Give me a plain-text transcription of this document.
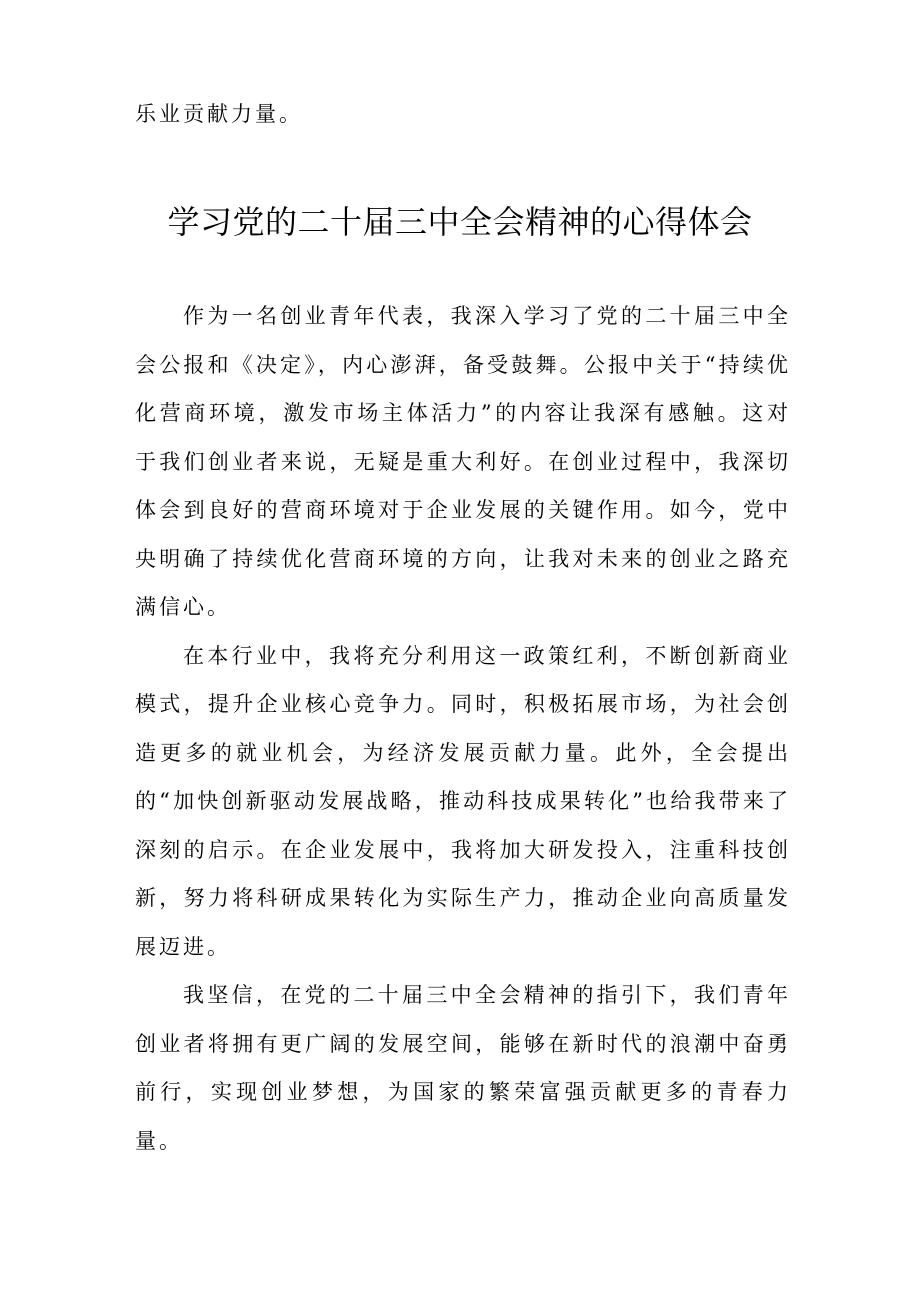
乐业贡献力量。
学习党的二十届三中全会精神的心得体会

作为一名创业青年代表，我深入学习了党的二十届三中全会公报和《决定》，内心澎湃，备受鼓舞。公报中关于“持续优化营商环境，激发市场主体活力”的内容让我深有感触。这对于我们创业者来说，无疑是重大利好。在创业过程中，我深切体会到良好的营商环境对于企业发展的关键作用。如今，党中央明确了持续优化营商环境的方向，让我对未来的创业之路充满信心。

在本行业中，我将充分利用这一政策红利，不断创新商业模式，提升企业核心竞争力。同时，积极拓展市场，为社会创造更多的就业机会，为经济发展贡献力量。此外，全会提出的“加快创新驱动发展战略，推动科技成果转化”也给我带来了深刻的启示。在企业发展中，我将加大研发投入，注重科技创新，努力将科研成果转化为实际生产力，推动企业向高质量发展迈进。

我坚信，在党的二十届三中全会精神的指引下，我们青年创业者将拥有更广阔的发展空间，能够在新时代的浪潮中奋勇前行，实现创业梦想，为国家的繁荣富强贡献更多的青春力量。
